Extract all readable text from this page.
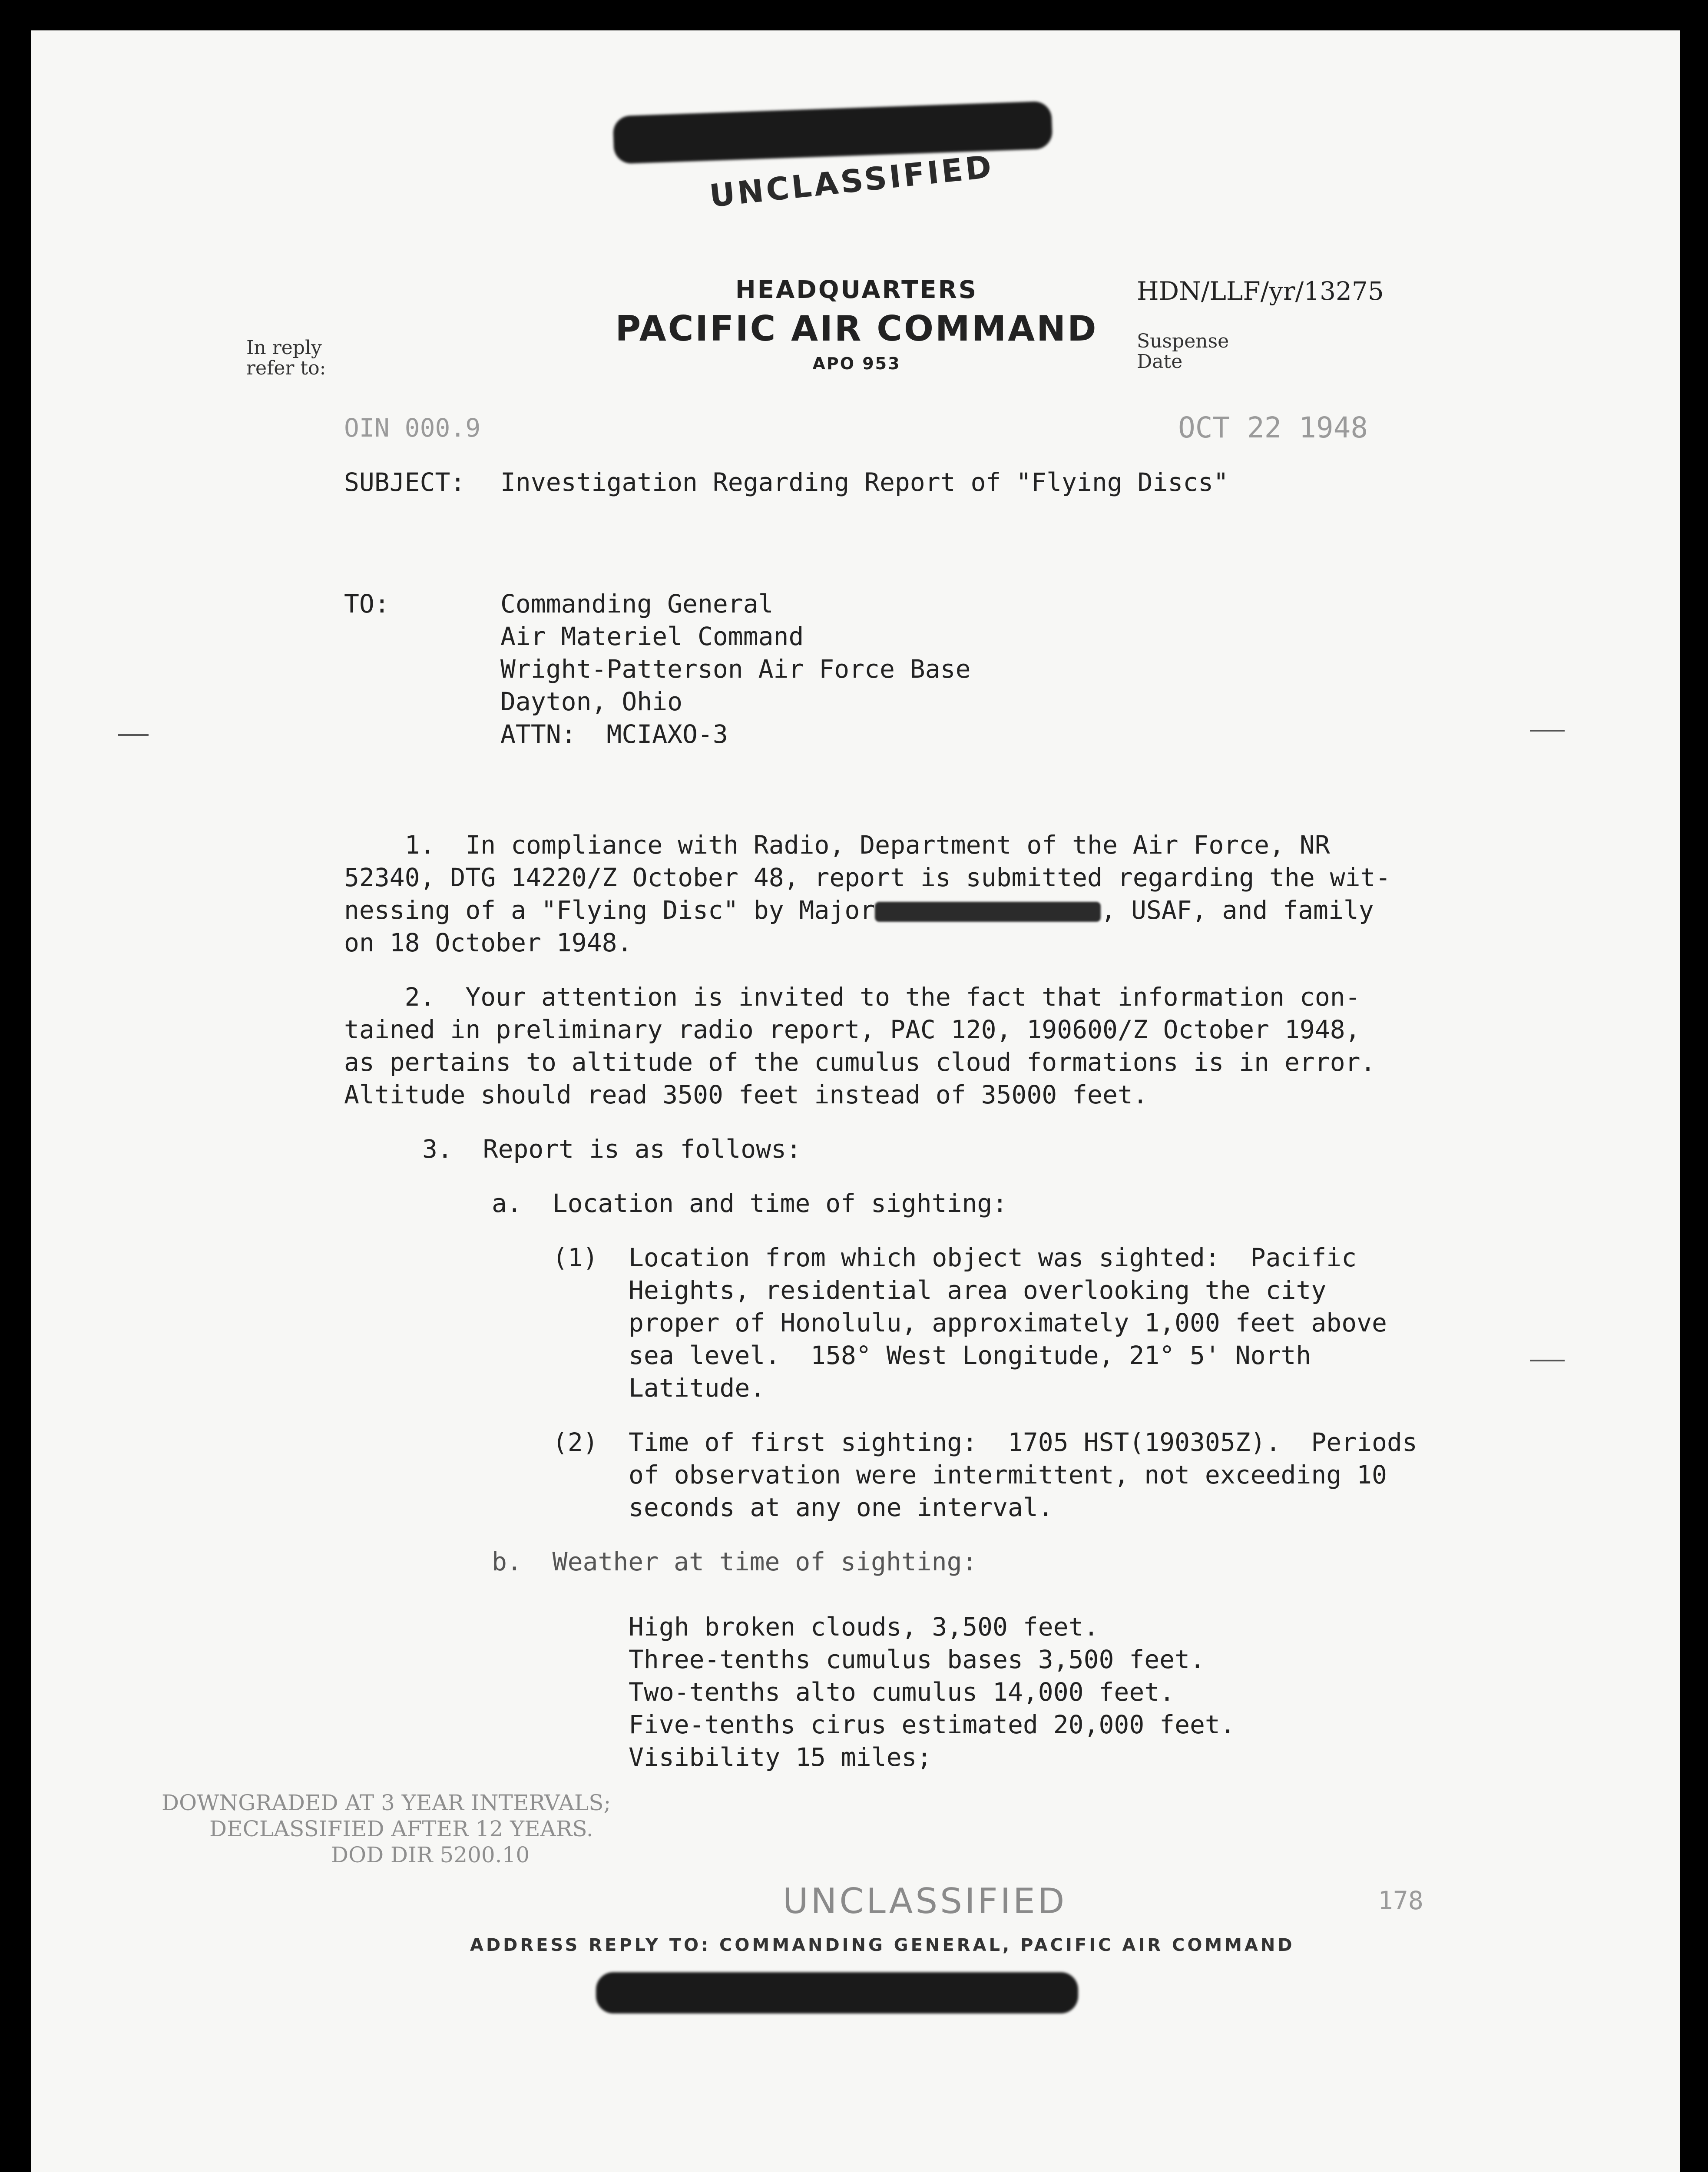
UNCLASSIFIED
HEADQUARTERS
PACIFIC AIR COMMAND
APO 953
HDN/LLF/yr/13275
In reply
refer to:
Suspense
Date
OIN 000.9	OCT 22 1948
SUBJECT: Investigation Regarding Report of "Flying Discs"
TO:	Commanding General
Air Materiel Command
Wright-Patterson Air Force Base
Dayton, Ohio
ATTN:  MCIAXO-3
1.  In compliance with Radio, Department of the Air Force, NR
52340, DTG 14220/Z October 48, report is submitted regarding the wit-
nessing of a "Flying Disc" by Major	, USAF, and family
on 18 October 1948.
2.  Your attention is invited to the fact that information con-
tained in preliminary radio report, PAC 120, 190600/Z October 1948,
as pertains to altitude of the cumulus cloud formations is in error.
Altitude should read 3500 feet instead of 35000 feet.
3.  Report is as follows:
a.  Location and time of sighting:
(1) Location from which object was sighted:  Pacific
Heights, residential area overlooking the city
proper of Honolulu, approximately 1,000 feet above
sea level.  158° West Longitude, 21° 5' North
Latitude.
(2) Time of first sighting:  1705 HST(190305Z).  Periods
of observation were intermittent, not exceeding 10
seconds at any one interval.
b.  Weather at time of sighting:
High broken clouds, 3,500 feet.
Three-tenths cumulus bases 3,500 feet.
Two-tenths alto cumulus 14,000 feet.
Five-tenths cirus estimated 20,000 feet.
Visibility 15 miles;
DOWNGRADED AT 3 YEAR INTERVALS;
DECLASSIFIED AFTER 12 YEARS.
DOD DIR 5200.10
UNCLASSIFIED	178
ADDRESS REPLY TO: COMMANDING GENERAL, PACIFIC AIR COMMAND
